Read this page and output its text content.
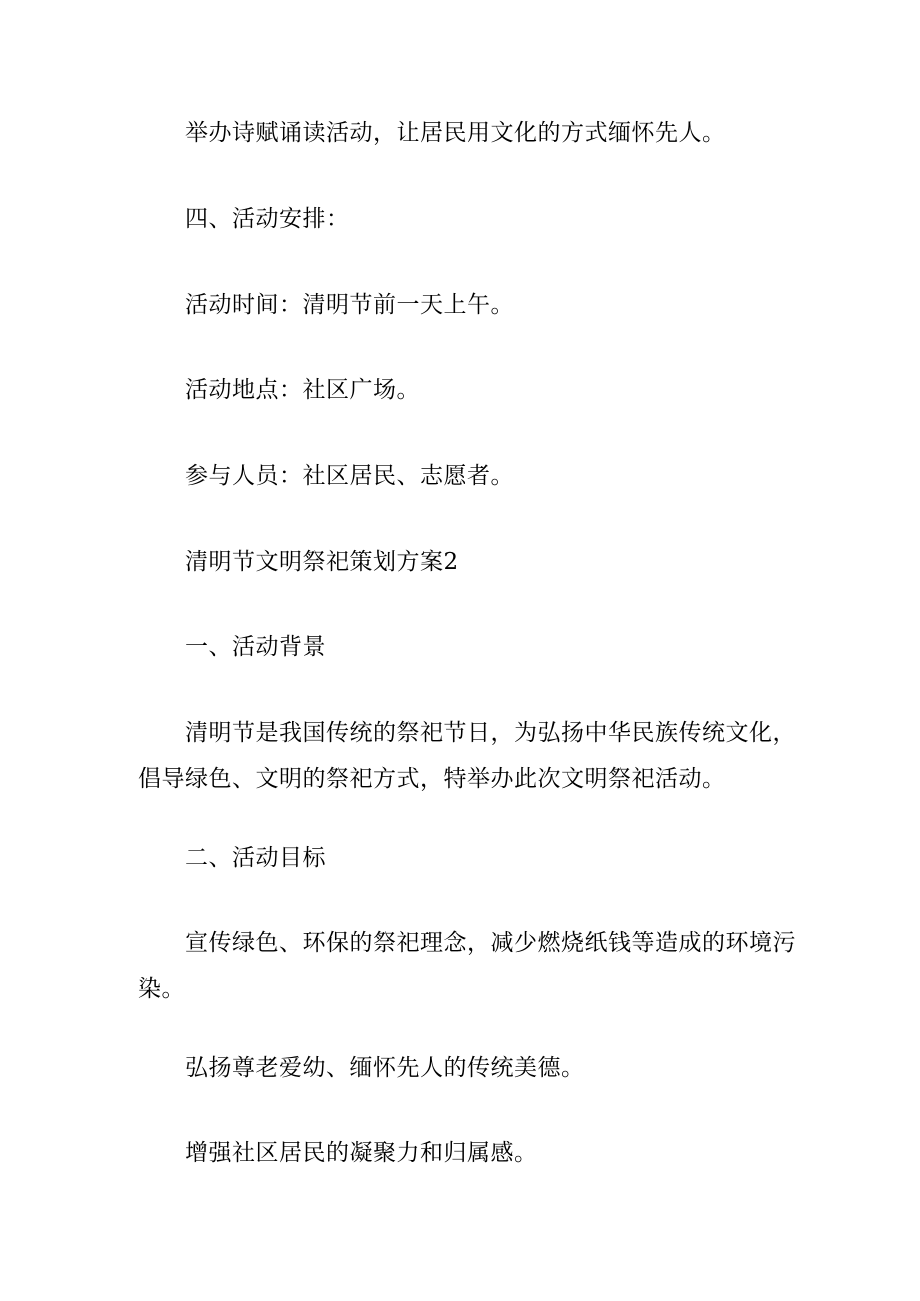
举办诗赋诵读活动，让居民用文化的方式缅怀先人。

四、活动安排：

活动时间：清明节前一天上午。

活动地点：社区广场。

参与人员：社区居民、志愿者。

清明节文明祭祀策划方案2

一、活动背景

清明节是我国传统的祭祀节日，为弘扬中华民族传统文化，倡导绿色、文明的祭祀方式，特举办此次文明祭祀活动。

二、活动目标

宣传绿色、环保的祭祀理念，减少燃烧纸钱等造成的环境污染。

弘扬尊老爱幼、缅怀先人的传统美德。

增强社区居民的凝聚力和归属感。
